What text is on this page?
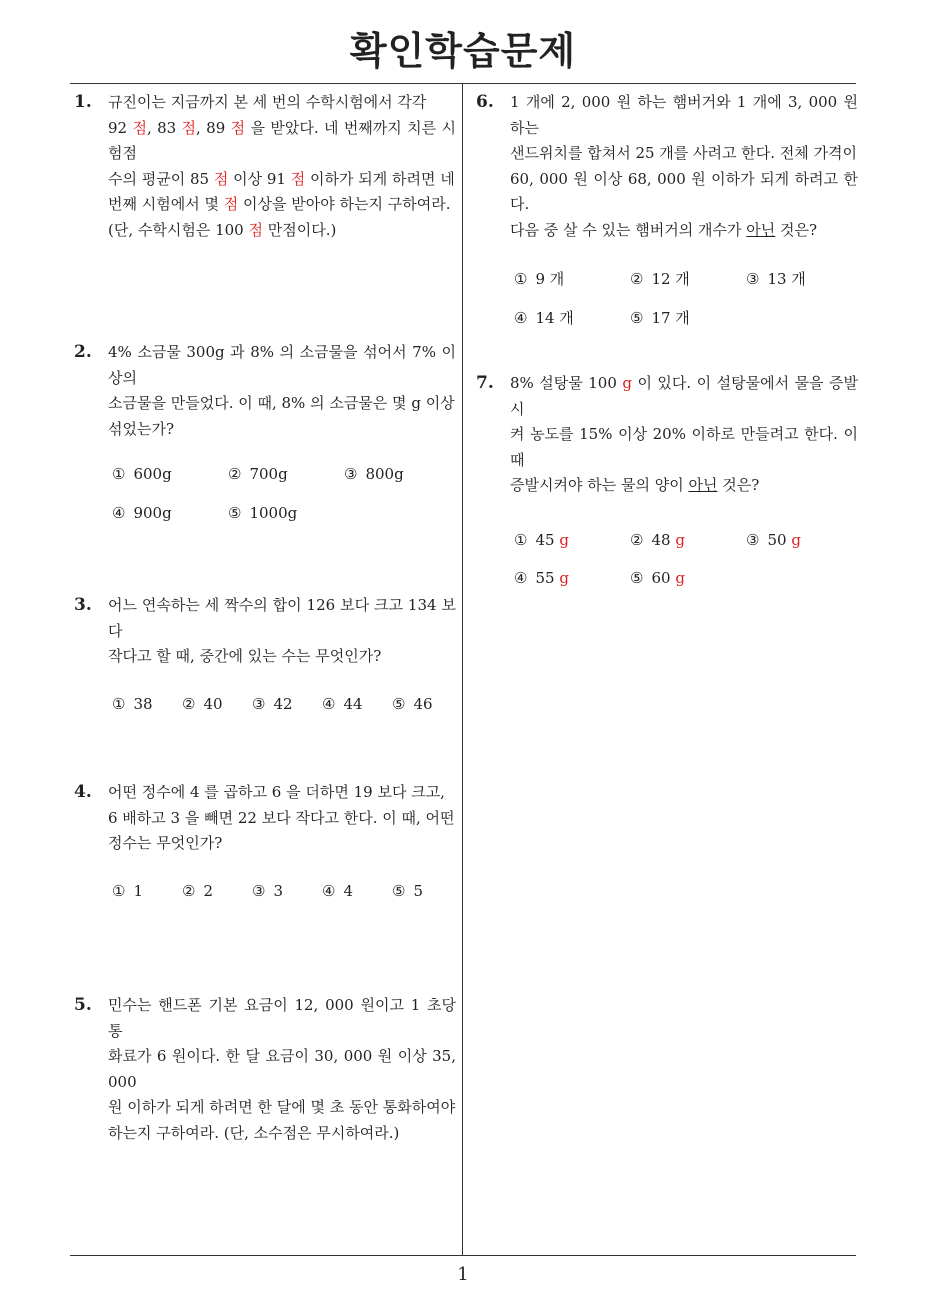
확인학습문제
1. 규진이는 지금까지 본 세 번의 수학시험에서 각각
92 점, 83 점, 89 점 을 받았다. 네 번째까지 치른 시험점
수의 평균이 85 점 이상 91 점 이하가 되게 하려면 네
번째 시험에서 몇 점 이상을 받아야 하는지 구하여라.
(단, 수학시험은 100 점 만점이다.)
2. 4% 소금물 300g 과 8% 의 소금물을 섞어서 7% 이상의
소금물을 만들었다. 이 때, 8% 의 소금물은 몇 g 이상
섞었는가?
① 600g	② 700g	③ 800g
④ 900g	⑤ 1000g
3. 어느 연속하는 세 짝수의 합이 126 보다 크고 134 보다
작다고 할 때, 중간에 있는 수는 무엇인가?
① 38 ② 40 ③ 42 ④ 44 ⑤ 46
4. 어떤 정수에 4 를 곱하고 6 을 더하면 19 보다 크고,
6 배하고 3 을 빼면 22 보다 작다고 한다. 이 때, 어떤
정수는 무엇인가?
① 1	② 2	③ 3	④ 4	⑤ 5
5. 민수는 핸드폰 기본 요금이 12, 000 원이고 1 초당 통
화료가 6 원이다. 한 달 요금이 30, 000 원 이상 35, 000
원 이하가 되게 하려면 한 달에 몇 초 동안 통화하여야
하는지 구하여라. (단, 소수점은 무시하여라.)
6. 1 개에 2, 000 원 하는 햄버거와 1 개에 3, 000 원 하는
샌드위치를 합쳐서 25 개를 사려고 한다. 전체 가격이
60, 000 원 이상 68, 000 원 이하가 되게 하려고 한다.
다음 중 살 수 있는 햄버거의 개수가 아닌 것은?
① 9 개	② 12 개	③ 13 개
④ 14 개	⑤ 17 개
7. 8% 설탕물 100 g 이 있다. 이 설탕물에서 물을 증발시
켜 농도를 15% 이상 20% 이하로 만들려고 한다. 이 때
증발시켜야 하는 물의 양이 아닌 것은?
① 45 g	② 48 g	③ 50 g
④ 55 g	⑤ 60 g
1
